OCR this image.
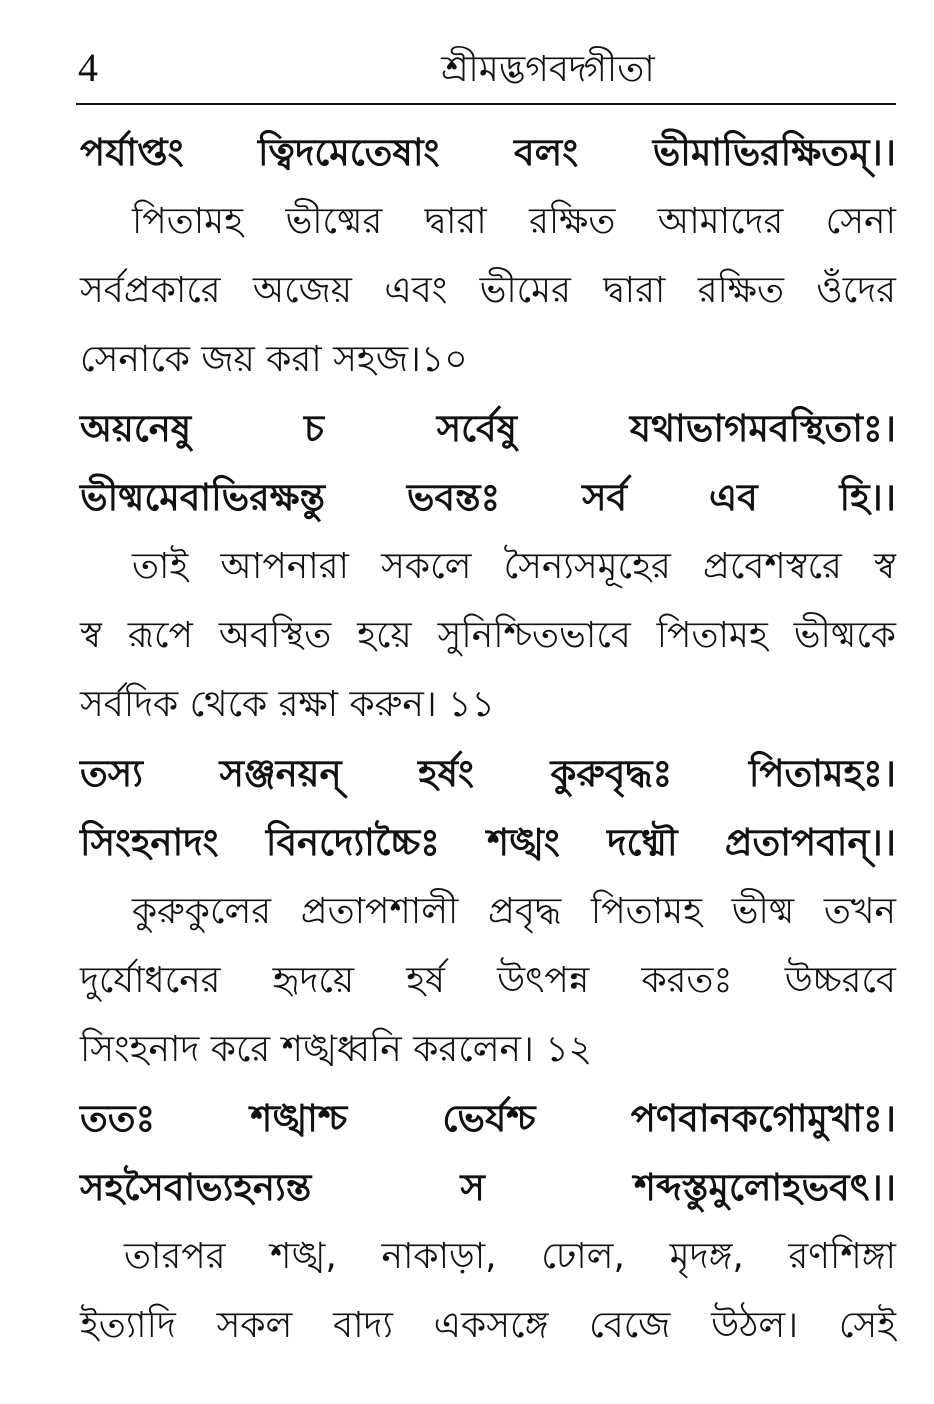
4	শ্রীমদ্ভগবদ্গীতা
পর্যাপ্তং ত্বিদমেতেষাং বলং ভীমাভিরক্ষিতম্।।
পিতামহ ভীষ্মের দ্বারা রক্ষিত আমাদের সেনা
সর্বপ্রকারে অজেয় এবং ভীমের দ্বারা রক্ষিত ওঁদের
সেনাকে জয় করা সহজ।১০
অয়নেষু	চ	সর্বেষু	যথাভাগমবস্থিতাঃ।
ভীষ্মমেবাভিরক্ষন্তু ভবন্তঃ সর্ব এব হি।।
তাই আপনারা সকলে সৈন্যসমূহের প্রবেশস্বরে স্ব
স্ব রূপে অবস্থিত হয়ে সুনিশ্চিতভাবে পিতামহ ভীষ্মকে
সর্বদিক থেকে রক্ষা করুন। ১১
তস্য সঞ্জনয়ন্ হর্ষং কুরুবৃদ্ধঃ পিতামহঃ।
সিংহনাদং বিনদ্যোচ্চৈঃ শঙ্খং দধ্মৌ প্রতাপবান্।।
কুরুকুলের প্রতাপশালী প্রবৃদ্ধ পিতামহ ভীষ্ম তখন
দুর্যোধনের হৃদয়ে হর্ষ উৎপন্ন করতঃ উচ্চরবে
সিংহনাদ করে শঙ্খধ্বনি করলেন। ১২
ততঃ	শঙ্খাশ্চ	ভের্যশ্চ	পণবানকগোমুখাঃ।
সহসৈবাভ্যহন্যন্ত	স	শব্দস্তুমুলোহভবৎ।।
তারপর শঙ্খ, নাকাড়া, ঢোল, মৃদঙ্গ, রণশিঙ্গা
ইত্যাদি সকল বাদ্য একসঙ্গে বেজে উঠল। সেই
